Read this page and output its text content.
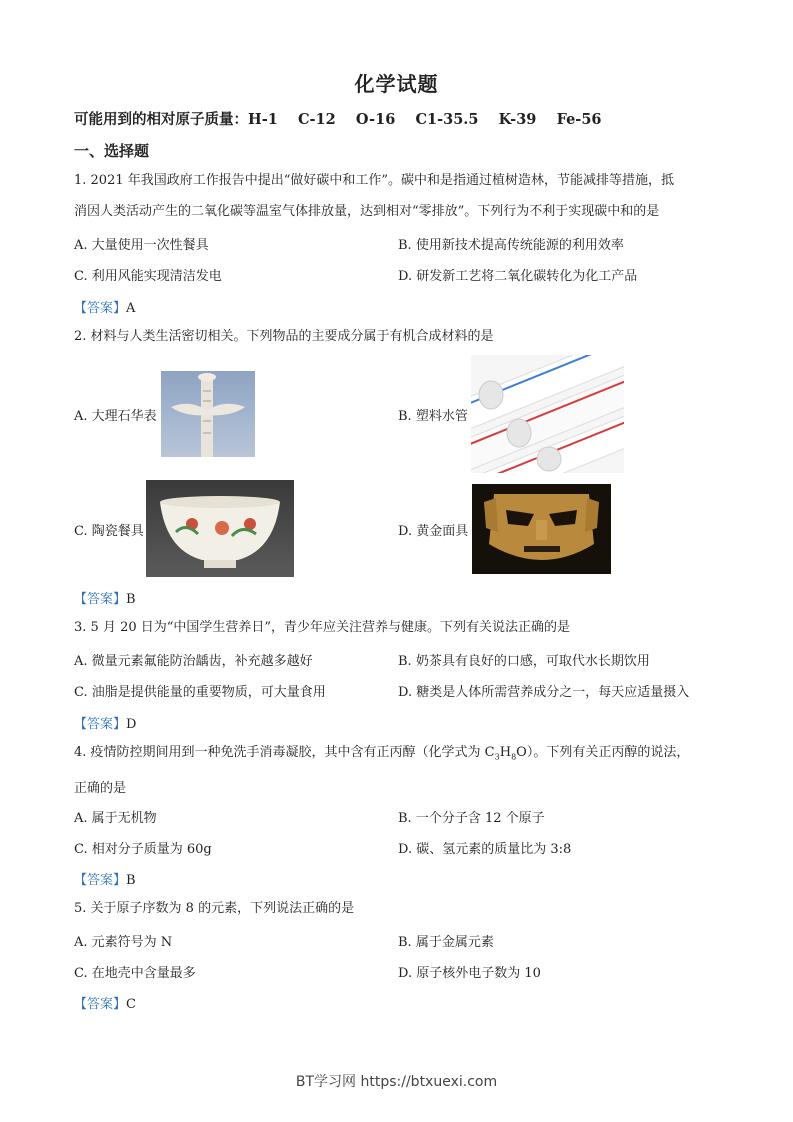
化学试题
可能用到的相对原子质量：H-1    C-12    O-16    C1-35.5    K-39    Fe-56
一、选择题
1. 2021 年我国政府工作报告中提出“做好碳中和工作”。碳中和是指通过植树造林，节能减排等措施，抵
消因人类活动产生的二氧化碳等温室气体排放量，达到相对“零排放”。下列行为不利于实现碳中和的是
A. 大量使用一次性餐具	B. 使用新技术提高传统能源的利用效率
C. 利用风能实现清洁发电	D. 研发新工艺将二氧化碳转化为化工产品
【答案】A
2. 材料与人类生活密切相关。下列物品的主要成分属于有机合成材料的是
A. 大理石华表	B. 塑料水管
C. 陶瓷餐具	D. 黄金面具
【答案】B
3. 5 月 20 日为“中国学生营养日”，青少年应关注营养与健康。下列有关说法正确的是
A. 微量元素氟能防治龋齿，补充越多越好	B. 奶茶具有良好的口感，可取代水长期饮用
C. 油脂是提供能量的重要物质，可大量食用	D. 糖类是人体所需营养成分之一，每天应适量摄入
【答案】D
4. 疫情防控期间用到一种免洗手消毒凝胶，其中含有正丙醇（化学式为 $C_3H_8O$）。下列有关正丙醇的说法，
正确的是
A. 属于无机物	B. 一个分子含 12 个原子
C. 相对分子质量为 60g	D. 碳、氢元素的质量比为 3:8
【答案】B
5. 关于原子序数为 8 的元素，下列说法正确的是
A. 元素符号为 N	B. 属于金属元素
C. 在地壳中含量最多	D. 原子核外电子数为 10
【答案】C
BT学习网 https://btxuexi.com
